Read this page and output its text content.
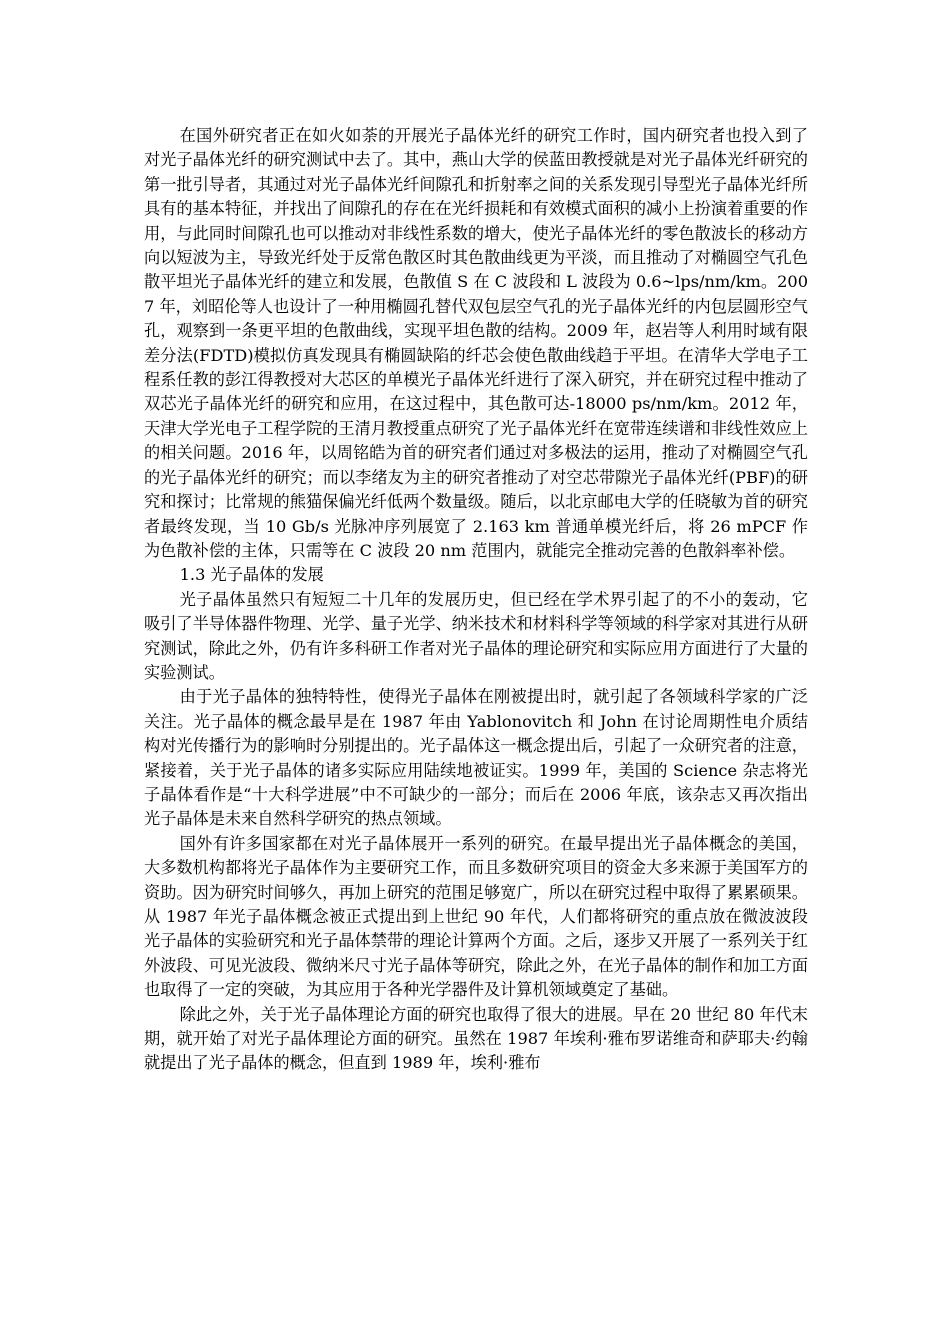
在国外研究者正在如火如荼的开展光子晶体光纤的研究工作时，国内研究者也投入到了对光子晶体光纤的研究测试中去了。其中，燕山大学的侯蓝田教授就是对光子晶体光纤研究的第一批引导者，其通过对光子晶体光纤间隙孔和折射率之间的关系发现引导型光子晶体光纤所具有的基本特征，并找出了间隙孔的存在在光纤损耗和有效模式面积的减小上扮演着重要的作用，与此同时间隙孔也可以推动对非线性系数的增大，使光子晶体光纤的零色散波长的移动方向以短波为主，导致光纤处于反常色散区时其色散曲线更为平淡，而且推动了对椭圆空气孔色散平坦光子晶体光纤的建立和发展，色散值 S 在 C 波段和 L 波段为 0.6~lps/nm/km。2007 年，刘昭伦等人也设计了一种用椭圆孔替代双包层空气孔的光子晶体光纤的内包层圆形空气孔，观察到一条更平坦的色散曲线，实现平坦色散的结构。2009 年，赵岩等人利用时域有限差分法(FDTD)模拟仿真发现具有椭圆缺陷的纤芯会使色散曲线趋于平坦。在清华大学电子工程系任教的彭江得教授对大芯区的单模光子晶体光纤进行了深入研究，并在研究过程中推动了双芯光子晶体光纤的研究和应用，在这过程中，其色散可达-18000 ps/nm/km。2012 年，天津大学光电子工程学院的王清月教授重点研究了光子晶体光纤在宽带连续谱和非线性效应上的相关问题。2016 年，以周铭皓为首的研究者们通过对多极法的运用，推动了对椭圆空气孔的光子晶体光纤的研究；而以李绪友为主的研究者推动了对空芯带隙光子晶体光纤(PBF)的研究和探讨；比常规的熊猫保偏光纤低两个数量级。随后，以北京邮电大学的任晓敏为首的研究者最终发现，当 10 Gb/s 光脉冲序列展宽了 2.163 km 普通单模光纤后，将 26 mPCF 作为色散补偿的主体，只需等在 C 波段 20 nm 范围内，就能完全推动完善的色散斜率补偿。

1.3 光子晶体的发展

光子晶体虽然只有短短二十几年的发展历史，但已经在学术界引起了的不小的轰动，它吸引了半导体器件物理、光学、量子光学、纳米技术和材料科学等领域的科学家对其进行从研究测试，除此之外，仍有许多科研工作者对光子晶体的理论研究和实际应用方面进行了大量的实验测试。

由于光子晶体的独特特性，使得光子晶体在刚被提出时，就引起了各领域科学家的广泛关注。光子晶体的概念最早是在 1987 年由 Yablonovitch 和 John 在讨论周期性电介质结构对光传播行为的影响时分别提出的。光子晶体这一概念提出后，引起了一众研究者的注意，紧接着，关于光子晶体的诸多实际应用陆续地被证实。1999 年，美国的 Science 杂志将光子晶体看作是“十大科学进展”中不可缺少的一部分；而后在 2006 年底，该杂志又再次指出光子晶体是未来自然科学研究的热点领域。

国外有许多国家都在对光子晶体展开一系列的研究。在最早提出光子晶体概念的美国，大多数机构都将光子晶体作为主要研究工作，而且多数研究项目的资金大多来源于美国军方的资助。因为研究时间够久，再加上研究的范围足够宽广，所以在研究过程中取得了累累硕果。从 1987 年光子晶体概念被正式提出到上世纪 90 年代，人们都将研究的重点放在微波波段光子晶体的实验研究和光子晶体禁带的理论计算两个方面。之后，逐步又开展了一系列关于红外波段、可见光波段、微纳米尺寸光子晶体等研究，除此之外，在光子晶体的制作和加工方面也取得了一定的突破，为其应用于各种光学器件及计算机领域奠定了基础。

除此之外，关于光子晶体理论方面的研究也取得了很大的进展。早在 20 世纪 80 年代末期，就开始了对光子晶体理论方面的研究。虽然在 1987 年埃利·雅布罗诺维奇和萨耶夫·约翰就提出了光子晶体的概念，但直到 1989 年，埃利·雅布
